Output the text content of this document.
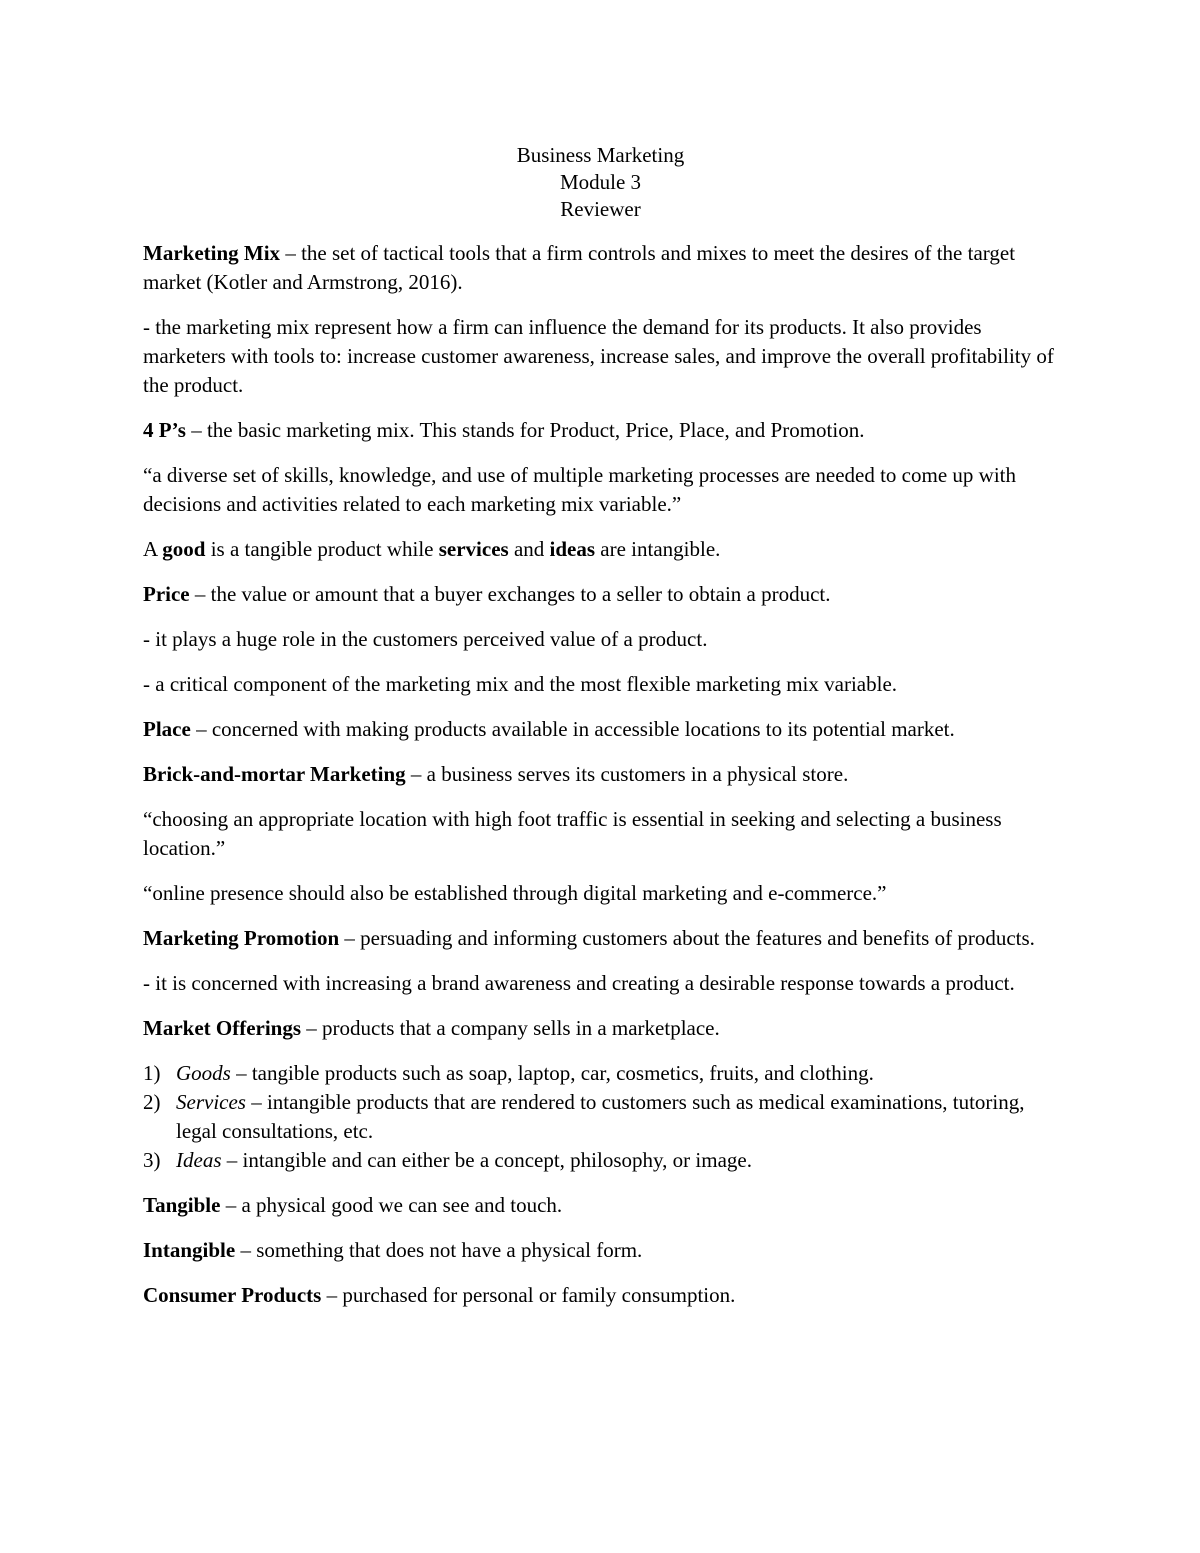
Business Marketing
Module 3
Reviewer

Marketing Mix – the set of tactical tools that a firm controls and mixes to meet the desires of the target market (Kotler and Armstrong, 2016).

- the marketing mix represent how a firm can influence the demand for its products. It also provides marketers with tools to: increase customer awareness, increase sales, and improve the overall profitability of the product.

4 P’s – the basic marketing mix. This stands for Product, Price, Place, and Promotion.

“a diverse set of skills, knowledge, and use of multiple marketing processes are needed to come up with decisions and activities related to each marketing mix variable.”

A good is a tangible product while services and ideas are intangible.

Price – the value or amount that a buyer exchanges to a seller to obtain a product.

- it plays a huge role in the customers perceived value of a product.

- a critical component of the marketing mix and the most flexible marketing mix variable.

Place – concerned with making products available in accessible locations to its potential market.

Brick-and-mortar Marketing – a business serves its customers in a physical store.

“choosing an appropriate location with high foot traffic is essential in seeking and selecting a business location.”

“online presence should also be established through digital marketing and e-commerce.”

Marketing Promotion – persuading and informing customers about the features and benefits of products.

- it is concerned with increasing a brand awareness and creating a desirable response towards a product.

Market Offerings – products that a company sells in a marketplace.

1) Goods – tangible products such as soap, laptop, car, cosmetics, fruits, and clothing.
2) Services – intangible products that are rendered to customers such as medical examinations, tutoring, legal consultations, etc.
3) Ideas – intangible and can either be a concept, philosophy, or image.

Tangible – a physical good we can see and touch.

Intangible – something that does not have a physical form.

Consumer Products – purchased for personal or family consumption.
